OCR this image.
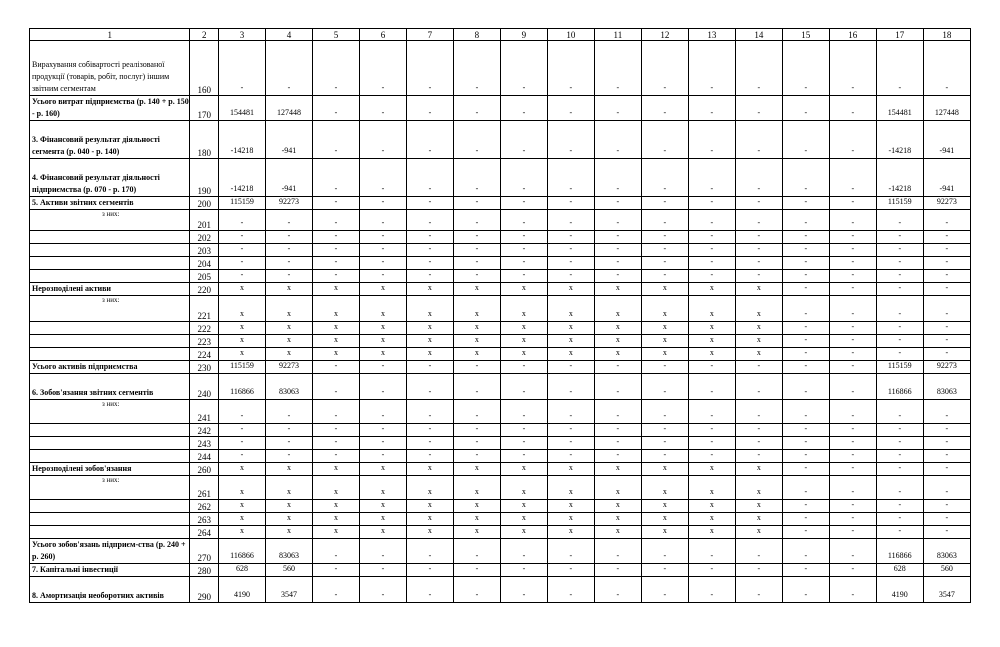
1	2	3	4	5	6	7	8	9	10	11	12	13	14	15	16	17	18
Вирахування собівартості реалізованої продукції (товарів, робіт, послуг) іншим звітним сегментам	160	-	-	-	-	-	-	-	-	-	-	-	-	-	-	-	-
Усього витрат підприємства (р. 140 + р. 150 - р. 160)	170	154481	127448	-	-	-	-	-	-	-	-	-	-	-	-	154481	127448
3. Фінансовий результат діяльності сегмента (р. 040 - р. 140)	180	-14218	-941	-	-	-	-	-	-	-	-	-	-	-	-	-14218	-941
4. Фінансовий результат діяльності підприємства (р. 070 - р. 170)	190	-14218	-941	-	-	-	-	-	-	-	-	-	-	-	-	-14218	-941
5. Активи звітних сегментів	200	115159	92273	-	-	-	-	-	-	-	-	-	-	-	-	115159	92273
з них:	201	-	-	-	-	-	-	-	-	-	-	-	-	-	-	-	-
	202	-	-	-	-	-	-	-	-	-	-	-	-	-	-	-	-
	203	-	-	-	-	-	-	-	-	-	-	-	-	-	-	-	-
	204	-	-	-	-	-	-	-	-	-	-	-	-	-	-	-	-
	205	-	-	-	-	-	-	-	-	-	-	-	-	-	-	-	-
Нерозподілені активи	220	x	x	x	x	x	x	x	x	x	x	x	x	-	-	-	-
з них:	221	x	x	x	x	x	x	x	x	x	x	x	x	-	-	-	-
	222	x	x	x	x	x	x	x	x	x	x	x	x	-	-	-	-
	223	x	x	x	x	x	x	x	x	x	x	x	x	-	-	-	-
	224	x	x	x	x	x	x	x	x	x	x	x	x	-	-	-	-
Усього активів підприємства	230	115159	92273	-	-	-	-	-	-	-	-	-	-	-	-	115159	92273
6. Зобов'язання звітних сегментів	240	116866	83063	-	-	-	-	-	-	-	-	-	-	-	-	116866	83063
з них:	241	-	-	-	-	-	-	-	-	-	-	-	-	-	-	-	-
	242	-	-	-	-	-	-	-	-	-	-	-	-	-	-	-	-
	243	-	-	-	-	-	-	-	-	-	-	-	-	-	-	-	-
	244	-	-	-	-	-	-	-	-	-	-	-	-	-	-	-	-
Нерозподілені зобов'язання	260	x	x	x	x	x	x	x	x	x	x	x	x	-	-	-	-
з них:	261	x	x	x	x	x	x	x	x	x	x	x	x	-	-	-	-
	262	x	x	x	x	x	x	x	x	x	x	x	x	-	-	-	-
	263	x	x	x	x	x	x	x	x	x	x	x	x	-	-	-	-
	264	x	x	x	x	x	x	x	x	x	x	x	x	-	-	-	-
Усього зобов'язань підприєм-ства (р. 240 + р. 260)	270	116866	83063	-	-	-	-	-	-	-	-	-	-	-	-	116866	83063
7. Капітальні інвестиції	280	628	560	-	-	-	-	-	-	-	-	-	-	-	-	628	560
8. Амортизація необоротних активів	290	4190	3547	-	-	-	-	-	-	-	-	-	-	-	-	4190	3547
